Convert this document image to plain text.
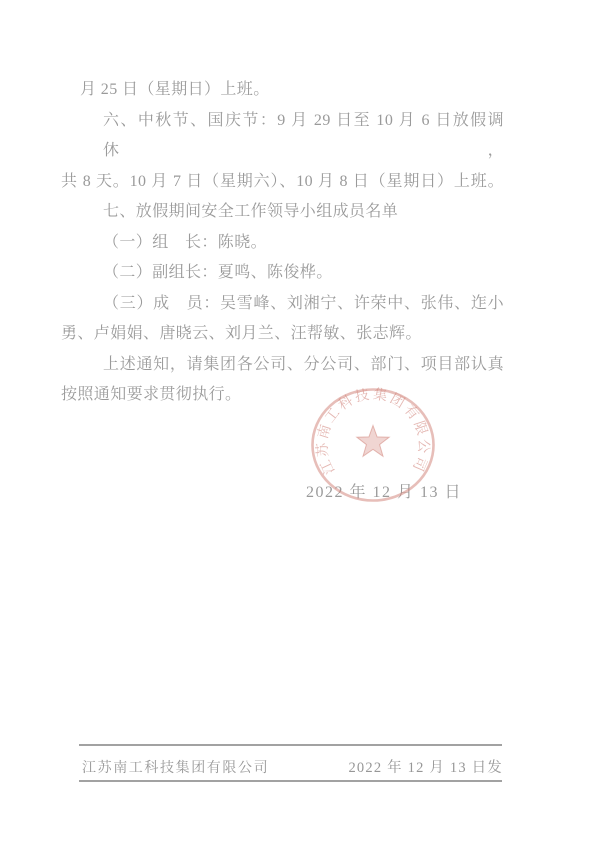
月 25 日（星期日）上班。
六、中秋节、国庆节：9 月 29 日至 10 月 6 日放假调休，
共 8 天。10 月 7 日（星期六）、10 月 8 日（星期日）上班。
七、放假期间安全工作领导小组成员名单
（一）组　长：陈晓。
（二）副组长：夏鸣、陈俊桦。
（三）成　员：吴雪峰、刘湘宁、许荣中、张伟、迮小
勇、卢娟娟、唐晓云、刘月兰、汪帮敏、张志辉。
上述通知，请集团各公司、分公司、部门、项目部认真
按照通知要求贯彻执行。
2022 年 12 月 13 日
江苏南工科技集团有限公司
江苏南工科技集团有限公司	2022 年 12 月 13 日发
